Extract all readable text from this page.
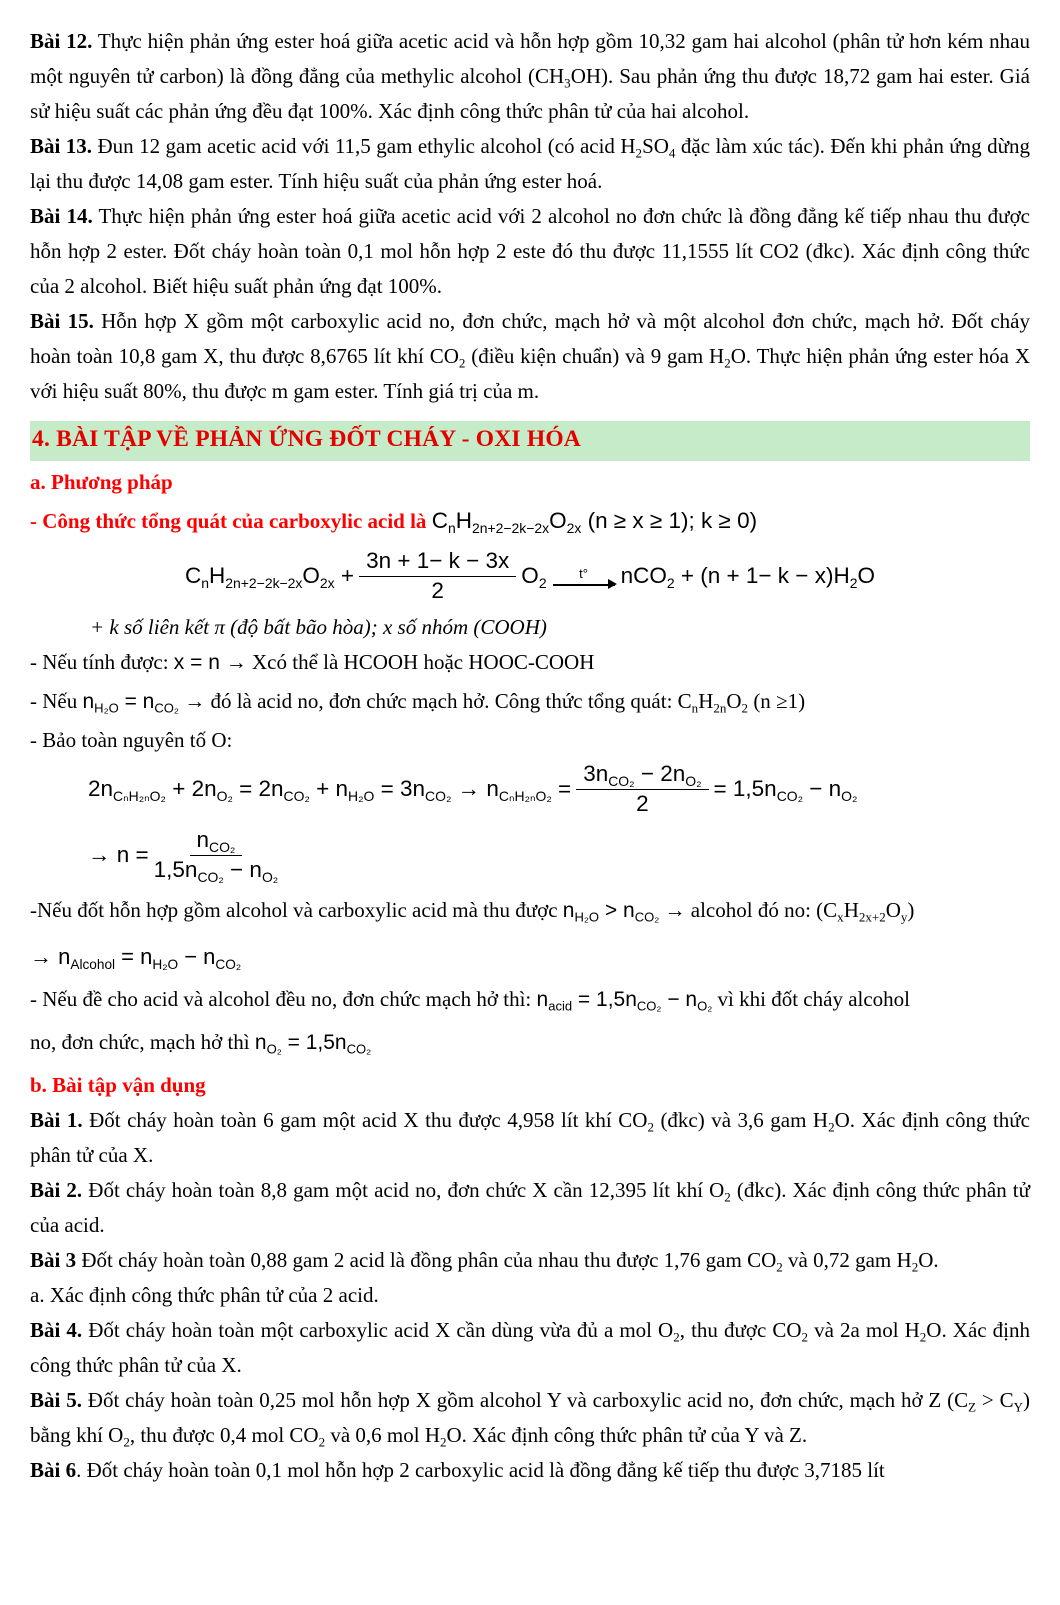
Bài 12. Thực hiện phản ứng ester hoá giữa acetic acid và hỗn hợp gồm 10,32 gam hai alcohol (phân tử hơn kém nhau một nguyên tử carbon) là đồng đẳng của methylic alcohol $(CH_3OH)$. Sau phản ứng thu được 18,72 gam hai ester. Giá sử hiệu suất các phản ứng đều đạt 100%. Xác định công thức phân tử của hai alcohol.

Bài 13. Đun 12 gam acetic acid với 11,5 gam ethylic alcohol (có acid $H_2SO_4$ đặc làm xúc tác). Đến khi phản ứng dừng lại thu được 14,08 gam ester. Tính hiệu suất của phản ứng ester hoá.

Bài 14. Thực hiện phản ứng ester hoá giữa acetic acid với 2 alcohol no đơn chức là đồng đẳng kế tiếp nhau thu được hỗn hợp 2 ester. Đốt cháy hoàn toàn 0,1 mol hỗn hợp 2 este đó thu được 11,1555 lít CO2 (đkc). Xác định công thức của 2 alcohol. Biết hiệu suất phản ứng đạt 100%.

Bài 15. Hỗn hợp X gồm một carboxylic acid no, đơn chức, mạch hở và một alcohol đơn chức, mạch hở. Đốt cháy hoàn toàn 10,8 gam X, thu được 8,6765 lít khí $CO_2$ (điều kiện chuẩn) và 9 gam $H_2O$. Thực hiện phản ứng ester hóa X với hiệu suất 80%, thu được m gam ester. Tính giá trị của m.

4. BÀI TẬP VỀ PHẢN ỨNG ĐỐT CHÁY - OXI HÓA

a. Phương pháp

- Công thức tổng quát của carboxylic acid là $C_nH_{2n+2-2k-2x}O_{2x}$ (n ≥ x ≥ 1); k ≥ 0)

$C_nH_{2n+2-2k-2x}O_{2x} + \frac{3n + 1- k - 3x}{2} O_2$
t° $nCO_2 + (n + 1- k - x)H_2O$

+ k số liên kết π (độ bất bão hòa); x số nhóm (COOH)

- Nếu tính được: x = n → Xcó thể là HCOOH hoặc HOOC-COOH

- Nếu $n_{H_2O} = n_{CO_2}$ → đó là acid no, đơn chức mạch hở. Công thức tổng quát: $C_nH_{2n}O_2$ (n ≥1)

- Bảo toàn nguyên tố O:

$2n_{C_nH_{2n}O_2} + 2n_{O_2} = 2n_{CO_2} + n_{H_2O} = 3n_{CO_2} \to n_{C_nH_{2n}O_2} = \frac{3n_{CO_2} - 2n_{O_2}}{2} = 1,5n_{CO_2} - n_{O_2}$
→ $n = \frac{n_{CO_2}}{1,5n_{CO_2} - n_{O_2}}$

-Nếu đốt hỗn hợp gồm alcohol và carboxylic acid mà thu được $n_{H_2O} > n_{CO_2}$ → alcohol đó no: $(C_xH_{2x+2}O_y)$

→ $n_{Alcohol} = n_{H_2O} - n_{CO_2}$

- Nếu đề cho acid và alcohol đều no, đơn chức mạch hở thì: $n_{acid} = 1,5n_{CO_2} - n_{O_2}$ vì khi đốt cháy alcohol

no, đơn chức, mạch hở thì $n_{O_2} = 1,5n_{CO_2}$

b. Bài tập vận dụng

Bài 1. Đốt cháy hoàn toàn 6 gam một acid X thu được 4,958 lít khí $CO_2$ (đkc) và 3,6 gam $H_2O$. Xác định công thức phân tử của X.

Bài 2. Đốt cháy hoàn toàn 8,8 gam một acid no, đơn chức X cần 12,395 lít khí $O_2$ (đkc). Xác định công thức phân tử của acid.

Bài 3 Đốt cháy hoàn toàn 0,88 gam 2 acid là đồng phân của nhau thu được 1,76 gam $CO_2$ và 0,72 gam $H_2O$.

a. Xác định công thức phân tử của 2 acid.

Bài 4. Đốt cháy hoàn toàn một carboxylic acid X cần dùng vừa đủ a mol $O_2$, thu được $CO_2$ và 2a mol $H_2O$. Xác định công thức phân tử của X.

Bài 5. Đốt cháy hoàn toàn 0,25 mol hỗn hợp X gồm alcohol Y và carboxylic acid no, đơn chức, mạch hở Z $(C_Z > C_Y)$ bằng khí $O_2$, thu được 0,4 mol $CO_2$ và 0,6 mol $H_2O$. Xác định công thức phân tử của Y và Z.

Bài 6. Đốt cháy hoàn toàn 0,1 mol hỗn hợp 2 carboxylic acid là đồng đẳng kế tiếp thu được 3,7185 lít
